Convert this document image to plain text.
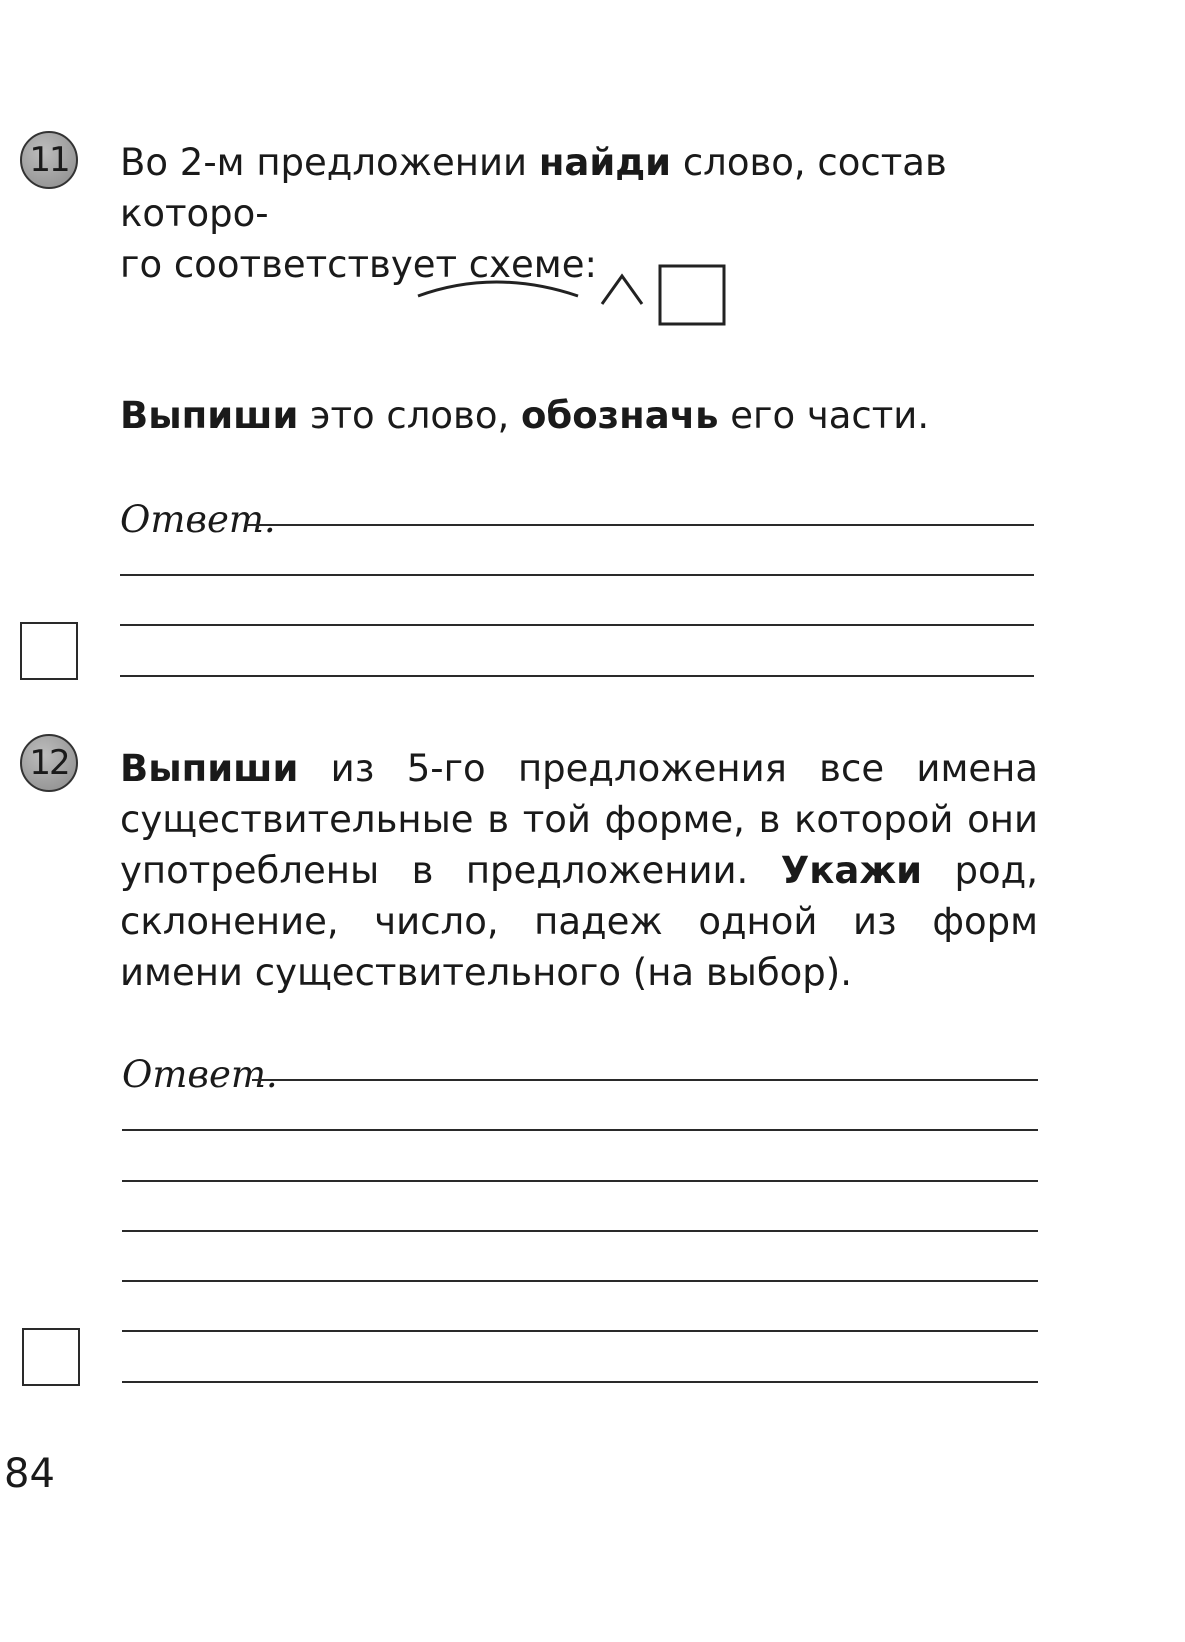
11 Во 2-м предложении найди слово, состав которо-
го соответствует схеме:

Выпиши это слово, обозначь его части.

Ответ.
12 Выпиши из 5-го предложения все имена существительные в той форме, в которой они употреблены в предложении. Укажи род, склонение, число, падеж одной из форм имени существительного (на выбор).

Ответ.
84
